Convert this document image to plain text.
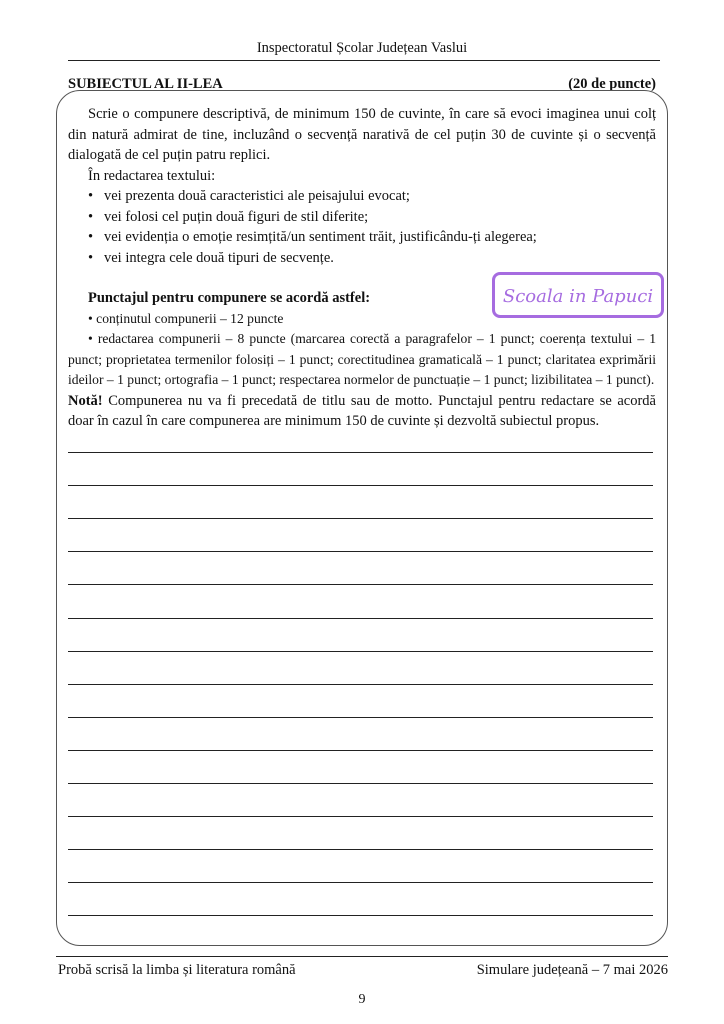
Inspectoratul Școlar Județean Vaslui
SUBIECTUL AL II-LEA	(20 de puncte)

Scrie o compunere descriptivă, de minimum 150 de cuvinte, în care să evoci imaginea unui colț din natură admirat de tine, incluzând o secvență narativă de cel puțin 30 de cuvinte și o secvență dialogată de cel puțin patru replici.

În redactarea textului:

• vei prezenta două caracteristici ale peisajului evocat;
• vei folosi cel puțin două figuri de stil diferite;
• vei evidenția o emoție resimțită/un sentiment trăit, justificându-ți alegerea;
• vei integra cele două tipuri de secvențe.

Punctajul pentru compunere se acordă astfel:

• conținutul compunerii – 12 puncte

• redactarea compunerii – 8 puncte (marcarea corectă a paragrafelor – 1 punct; coerența textului – 1 punct; proprietatea termenilor folosiți – 1 punct; corectitudinea gramaticală – 1 punct; claritatea exprimării ideilor – 1 punct; ortografia – 1 punct; respectarea normelor de punctuație – 1 punct; lizibilitatea – 1 punct).

Notă! Compunerea nu va fi precedată de titlu sau de motto. Punctajul pentru redactare se acordă doar în cazul în care compunerea are minimum 150 de cuvinte și dezvoltă subiectul propus.

Scoala in Papuci
Probă scrisă la limba și literatura română	Simulare județeană – 7 mai 2026
9
